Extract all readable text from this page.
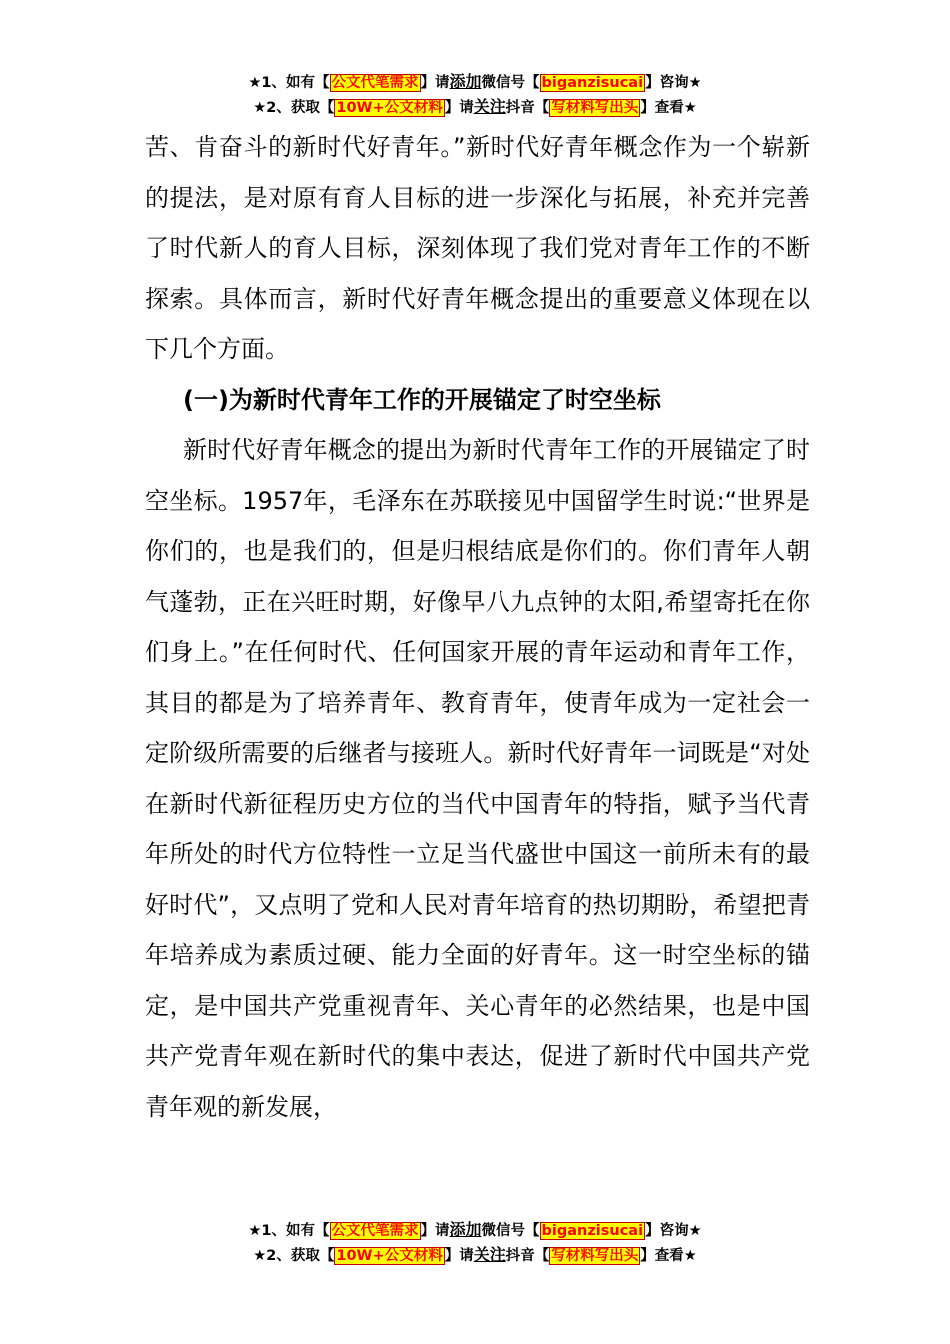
★1、如有【 公文代笔需求 】请添加微信号【 biganzisucai 】咨询★
★2、获取【 10W+公文材料 】请关注抖音【 写材料写出头 】查看★

苦、肯奋斗的新时代好青年。”新时代好青年概念作为一个崭新的提法，是对原有育人目标的进一步深化与拓展，补充并完善了时代新人的育人目标，深刻体现了我们党对青年工作的不断探索。具体而言，新时代好青年概念提出的重要意义体现在以下几个方面。

(一)为新时代青年工作的开展锚定了时空坐标

新时代好青年概念的提出为新时代青年工作的开展锚定了时空坐标。1957年，毛泽东在苏联接见中国留学生时说:“世界是你们的，也是我们的，但是归根结底是你们的。你们青年人朝气蓬勃，正在兴旺时期，好像早八九点钟的太阳,希望寄托在你们身上。”在任何时代、任何国家开展的青年运动和青年工作，其目的都是为了培养青年、教育青年，使青年成为一定社会一定阶级所需要的后继者与接班人。新时代好青年一词既是“对处在新时代新征程历史方位的当代中国青年的特指，赋予当代青年所处的时代方位特性一立足当代盛世中国这一前所未有的最好时代”，又点明了党和人民对青年培育的热切期盼，希望把青年培养成为素质过硬、能力全面的好青年。这一时空坐标的锚定，是中国共产党重视青年、关心青年的必然结果，也是中国共产党青年观在新时代的集中表达，促进了新时代中国共产党青年观的新发展，

★1、如有【 公文代笔需求 】请添加微信号【 biganzisucai 】咨询★
★2、获取【 10W+公文材料 】请关注抖音【 写材料写出头 】查看★
